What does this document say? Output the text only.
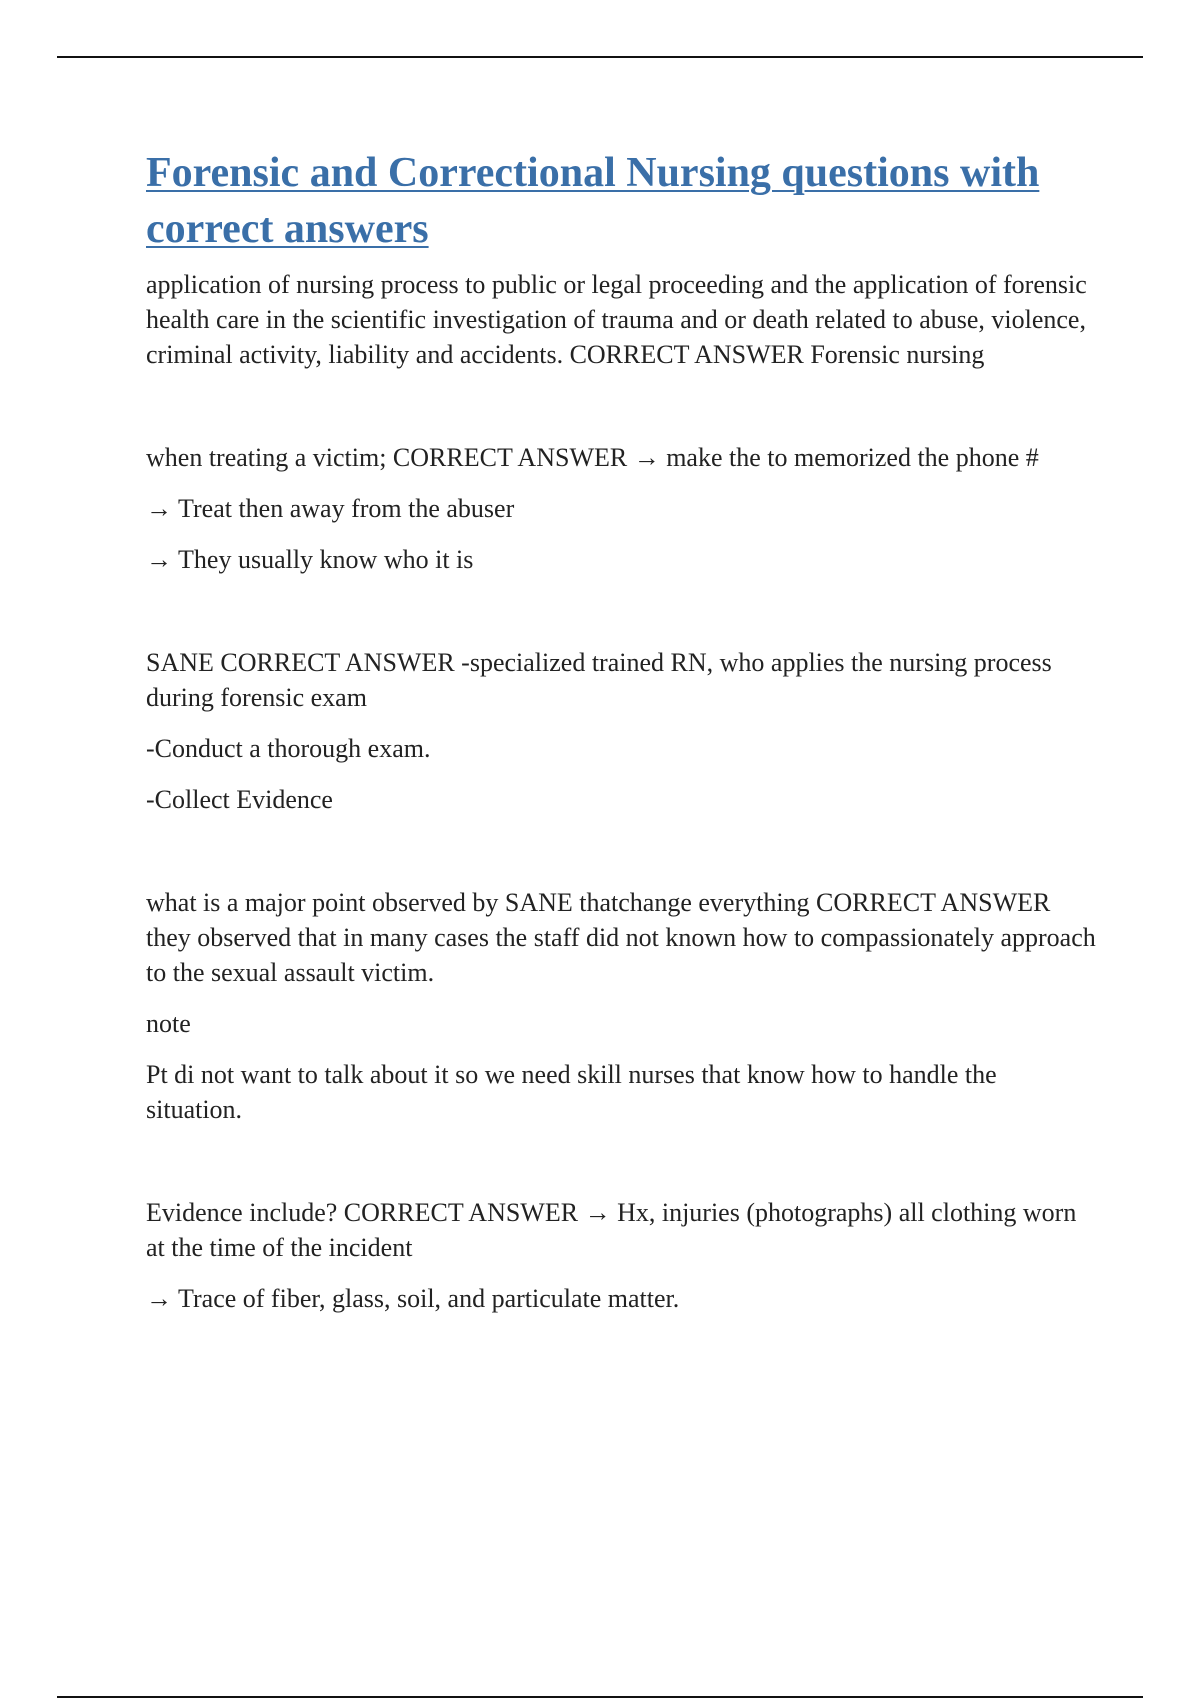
Forensic and Correctional Nursing questions with correct answers

application of nursing process to public or legal proceeding and the application of forensic health care in the scientific investigation of trauma and or death related to abuse, violence, criminal activity, liability and accidents. CORRECT ANSWER Forensic nursing

when treating a victim; CORRECT ANSWER → make the to memorized the phone #

→ Treat then away from the abuser

→ They usually know who it is

SANE CORRECT ANSWER -specialized trained RN, who applies the nursing process during forensic exam

-Conduct a thorough exam.

-Collect Evidence

what is a major point observed by SANE thatchange everything CORRECT ANSWER they observed that in many cases the staff did not known how to compassionately approach to the sexual assault victim.

note

Pt di not want to talk about it so we need skill nurses that know how to handle the situation.

Evidence include? CORRECT ANSWER → Hx, injuries (photographs) all clothing worn at the time of the incident

→ Trace of fiber, glass, soil, and particulate matter.
